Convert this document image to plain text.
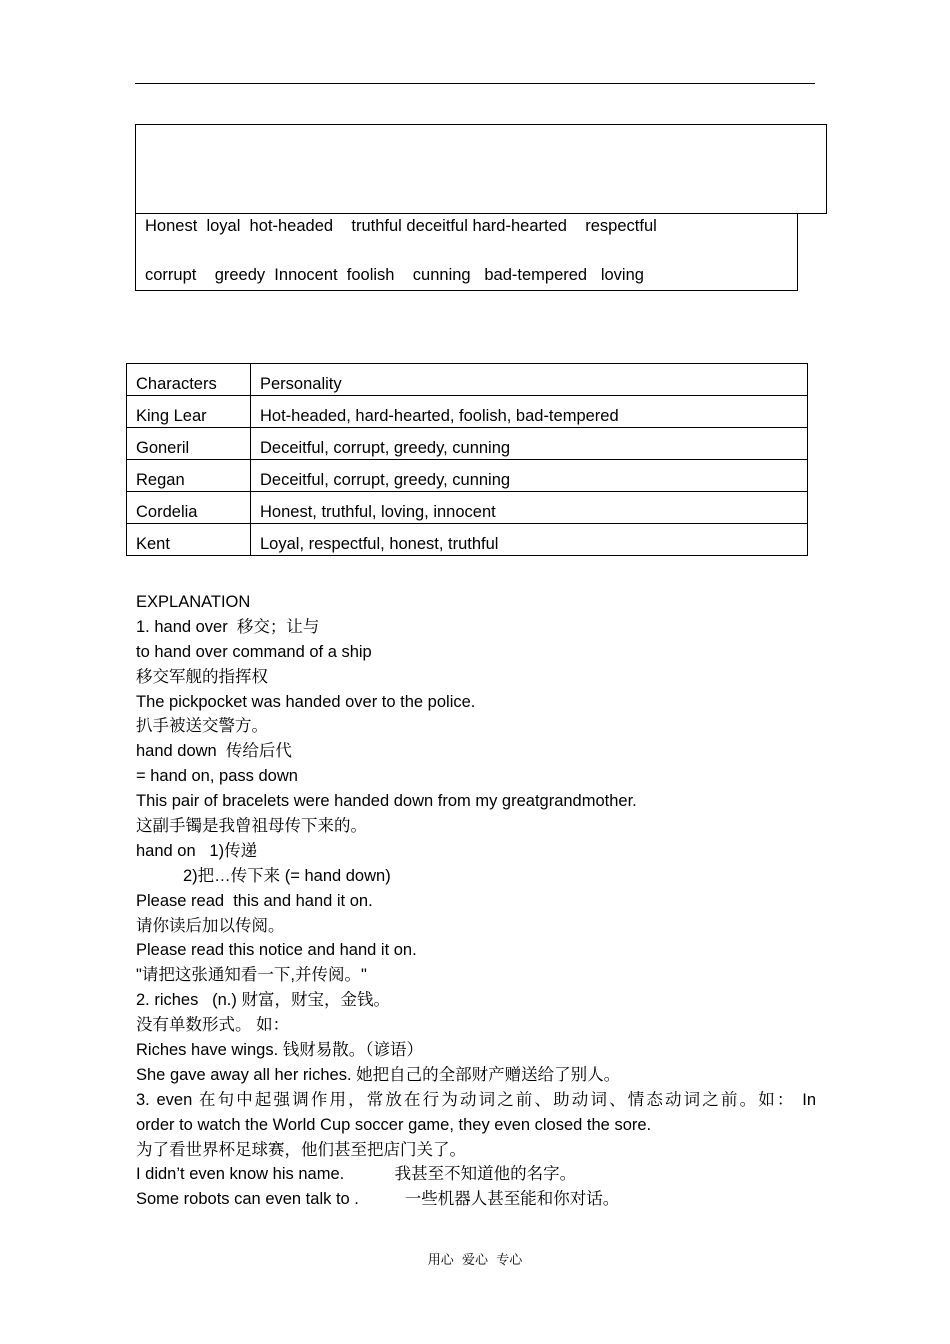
Honest  loyal  hot-headed    truthful deceitful hard-hearted    respectful
corrupt    greedy  Innocent  foolish    cunning   bad-tempered   loving
Characters	Personality
King Lear	Hot-headed, hard-hearted, foolish, bad-tempered
Goneril	Deceitful, corrupt, greedy, cunning
Regan	Deceitful, corrupt, greedy, cunning
Cordelia	Honest, truthful, loving, innocent
Kent	Loyal, respectful, honest, truthful
EXPLANATION
1. hand over  移交；让与
to hand over command of a ship
移交军舰的指挥权
The pickpocket was handed over to the police.
扒手被送交警方。
hand down  传给后代
= hand on, pass down
This pair of bracelets were handed down from my greatgrandmother.
这副手镯是我曾祖母传下来的。
hand on   1)传递
2)把…传下来 (= hand down)
Please read  this and hand it on.
请你读后加以传阅。
Please read this notice and hand it on.
"请把这张通知看一下,并传阅。"
2. riches   (n.) 财富，财宝，金钱。
没有单数形式。 如：
Riches have wings. 钱财易散。（谚语）
She gave away all her riches. 她把自己的全部财产赠送给了别人。
3. even 在句中起强调作用，常放在行为动词之前、助动词、情态动词之前。如： In
order to watch the World Cup soccer game, they even closed the sore.
为了看世界杯足球赛，他们甚至把店门关了。
I didn’t even know his name.           我甚至不知道他的名字。
Some robots can even talk to .          一些机器人甚至能和你对话。
用心  爱心  专心
